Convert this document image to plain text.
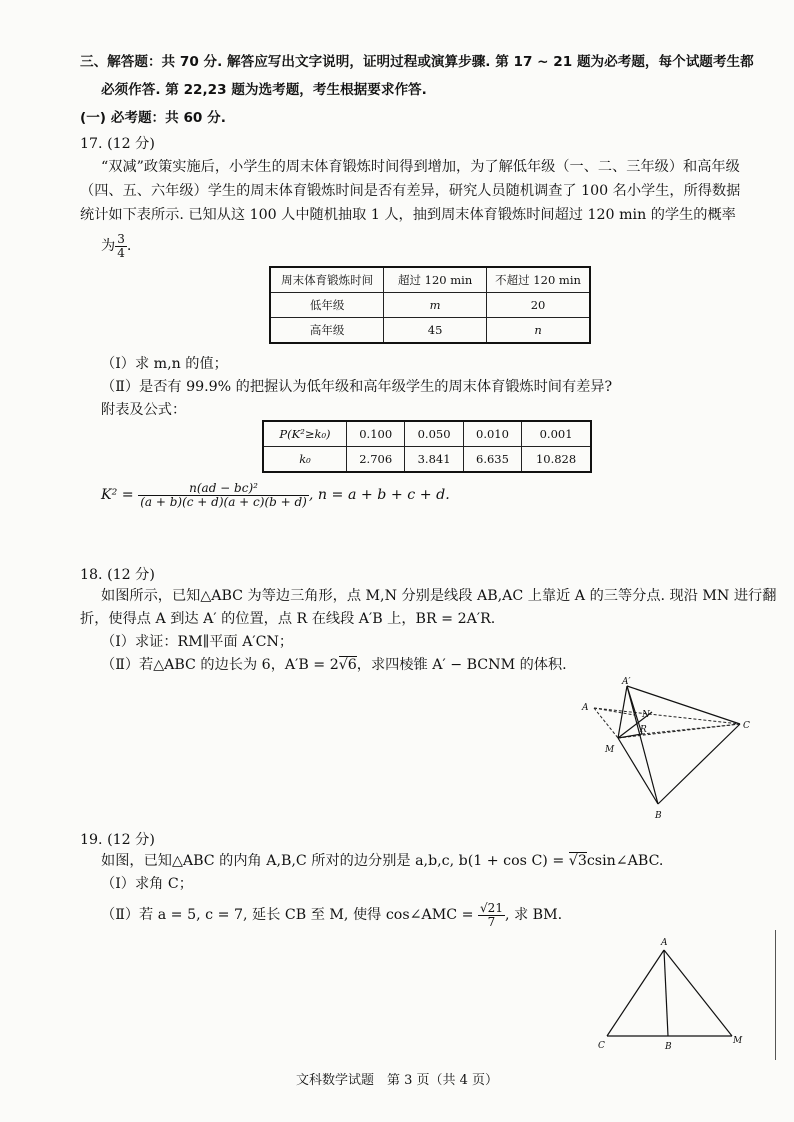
三、解答题：共 70 分. 解答应写出文字说明，证明过程或演算步骤. 第 17 ~ 21 题为必考题，每个试题考生都
必须作答. 第 22,23 题为选考题，考生根据要求作答.
(一) 必考题：共 60 分.
17. (12 分)
“双减”政策实施后，小学生的周末体育锻炼时间得到增加，为了解低年级（一、二、三年级）和高年级
（四、五、六年级）学生的周末体育锻炼时间是否有差异，研究人员随机调查了 100 名小学生，所得数据
统计如下表所示. 已知从这 100 人中随机抽取 1 人，抽到周末体育锻炼时间超过 120 min 的学生的概率
为 $\frac{3}{4}$ .
周末体育锻炼时间	超过 120 min	不超过 120 min
低年级	m	20
高年级	45	n
（Ⅰ）求 m,n 的值；
（Ⅱ）是否有 99.9% 的把握认为低年级和高年级学生的周末体育锻炼时间有差异?
附表及公式：
P(K²≥k₀)	0.100	0.050	0.010	0.001
k₀	2.706	3.841	6.635	10.828
$K^2 = \frac{\text{n(ad − bc)²}}{(a + b)(c + d)(a + c)(b + d)}$ , n = a + b + c + d.
18. (12 分)
如图所示，已知△ABC 为等边三角形，点 M,N 分别是线段 AB,AC 上靠近 A 的三等分点. 现沿 MN 进行翻
折，使得点 A 到达 A′ 的位置，点 R 在线段 A′B 上，BR = 2A′R.
（Ⅰ）求证：RM∥平面 A′CN；
（Ⅱ）若△ABC 的边长为 6，A′B = 2√6，求四棱锥 A′ − BCNM 的体积.
A′
A
N
R	C
M
B
19. (12 分)
如图，已知△ABC 的内角 A,B,C 所对的边分别是 a,b,c, b(1 + cos C) = √3csin∠ABC.
（Ⅰ）求角 C；
（Ⅱ）若 a = 5, c = 7, 延长 CB 至 M, 使得 cos∠AMC = $\frac{√21}{7}$ , 求 BM.
A
C	B
M
文科数学试题　第 3 页（共 4 页）
